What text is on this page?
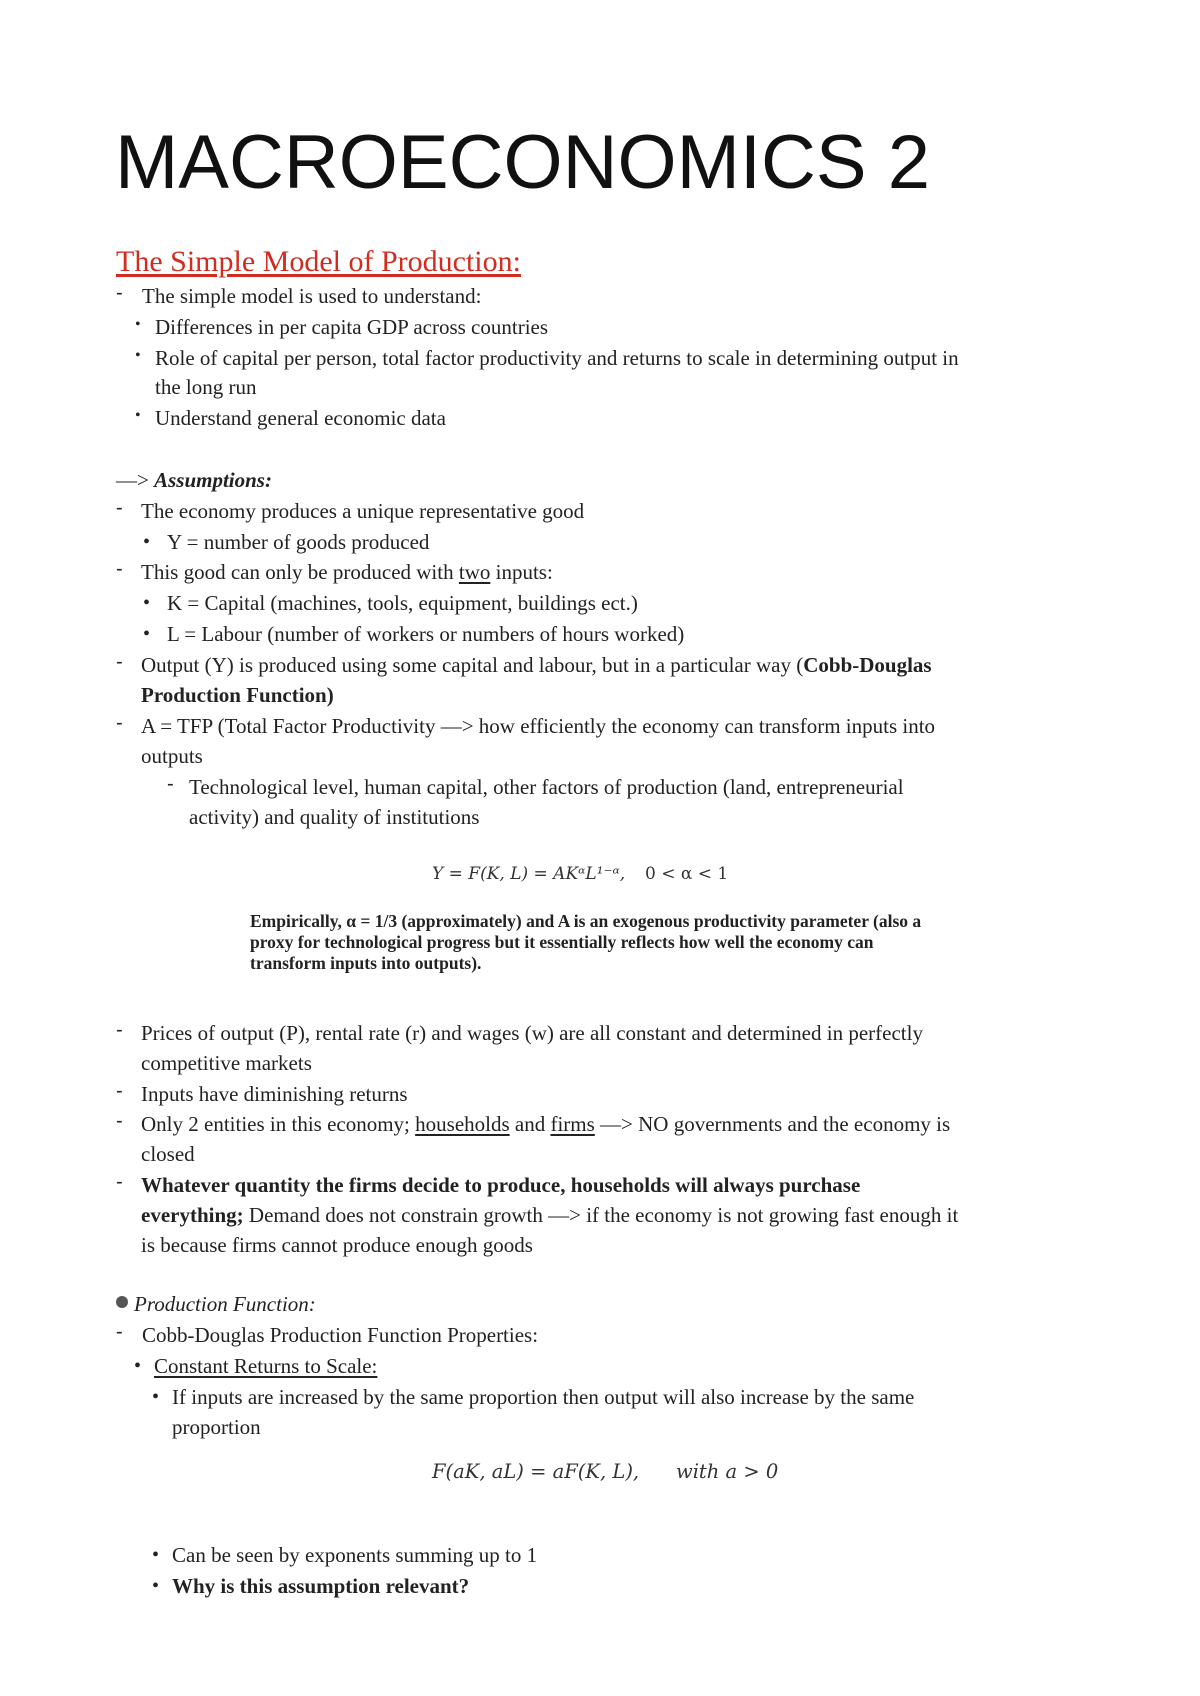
MACROECONOMICS 2
The Simple Model of Production:
- The simple model is used to understand:
• Differences in per capita GDP across countries
• Role of capital per person, total factor productivity and returns to scale in determining output in
the long run
• Understand general economic data
—> Assumptions:
- The economy produces a unique representative good
• Y = number of goods produced
- This good can only be produced with two inputs:
• K = Capital (machines, tools, equipment, buildings ect.)
• L = Labour (number of workers or numbers of hours worked)
- Output (Y) is produced using some capital and labour, but in a particular way (Cobb-Douglas
Production Function)
- A = TFP (Total Factor Productivity —> how efficiently the economy can transform inputs into
outputs
- Technological level, human capital, other factors of production (land, entrepreneurial
activity) and quality of institutions
Y = F(K, L) = AKᵅL¹⁻ᵅ, 0 < α < 1
Empirically, α = 1/3 (approximately) and A is an exogenous productivity parameter (also a
proxy for technological progress but it essentially reflects how well the economy can
transform inputs into outputs).
- Prices of output (P), rental rate (r) and wages (w) are all constant and determined in perfectly
competitive markets
- Inputs have diminishing returns
- Only 2 entities in this economy; households and firms —> NO governments and the economy is
closed
- Whatever quantity the firms decide to produce, households will always purchase
everything; Demand does not constrain growth —> if the economy is not growing fast enough it
is because firms cannot produce enough goods
Production Function:
- Cobb-Douglas Production Function Properties:
• Constant Returns to Scale:
• If inputs are increased by the same proportion then output will also increase by the same
proportion
F(aK, aL) = aF(K, L), with a > 0
• Can be seen by exponents summing up to 1
• Why is this assumption relevant?
